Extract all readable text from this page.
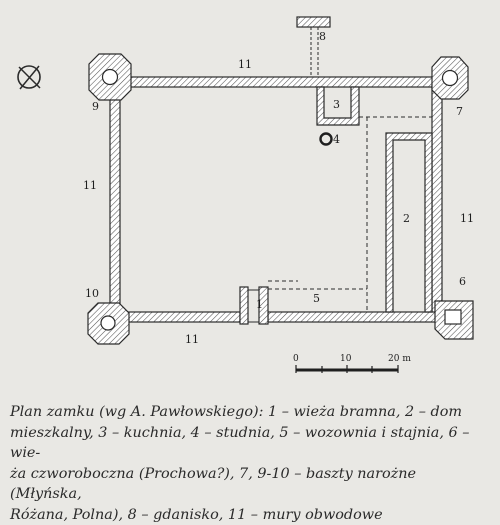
1
2
3
4
5
6
7
8
9
10
11
11
11
11
0	10	20 m

Plan zamku (wg A. Pawłowskiego): 1 – wieża bramna, 2 – dom

mieszkalny, 3 – kuchnia, 4 – studnia, 5 – wozownia i stajnia, 6 – wie-

ża czworoboczna (Prochowa?), 7, 9-10 – baszty narożne (Młyńska,

Różana, Polna), 8 – gdanisko, 11 – mury obwodowe
